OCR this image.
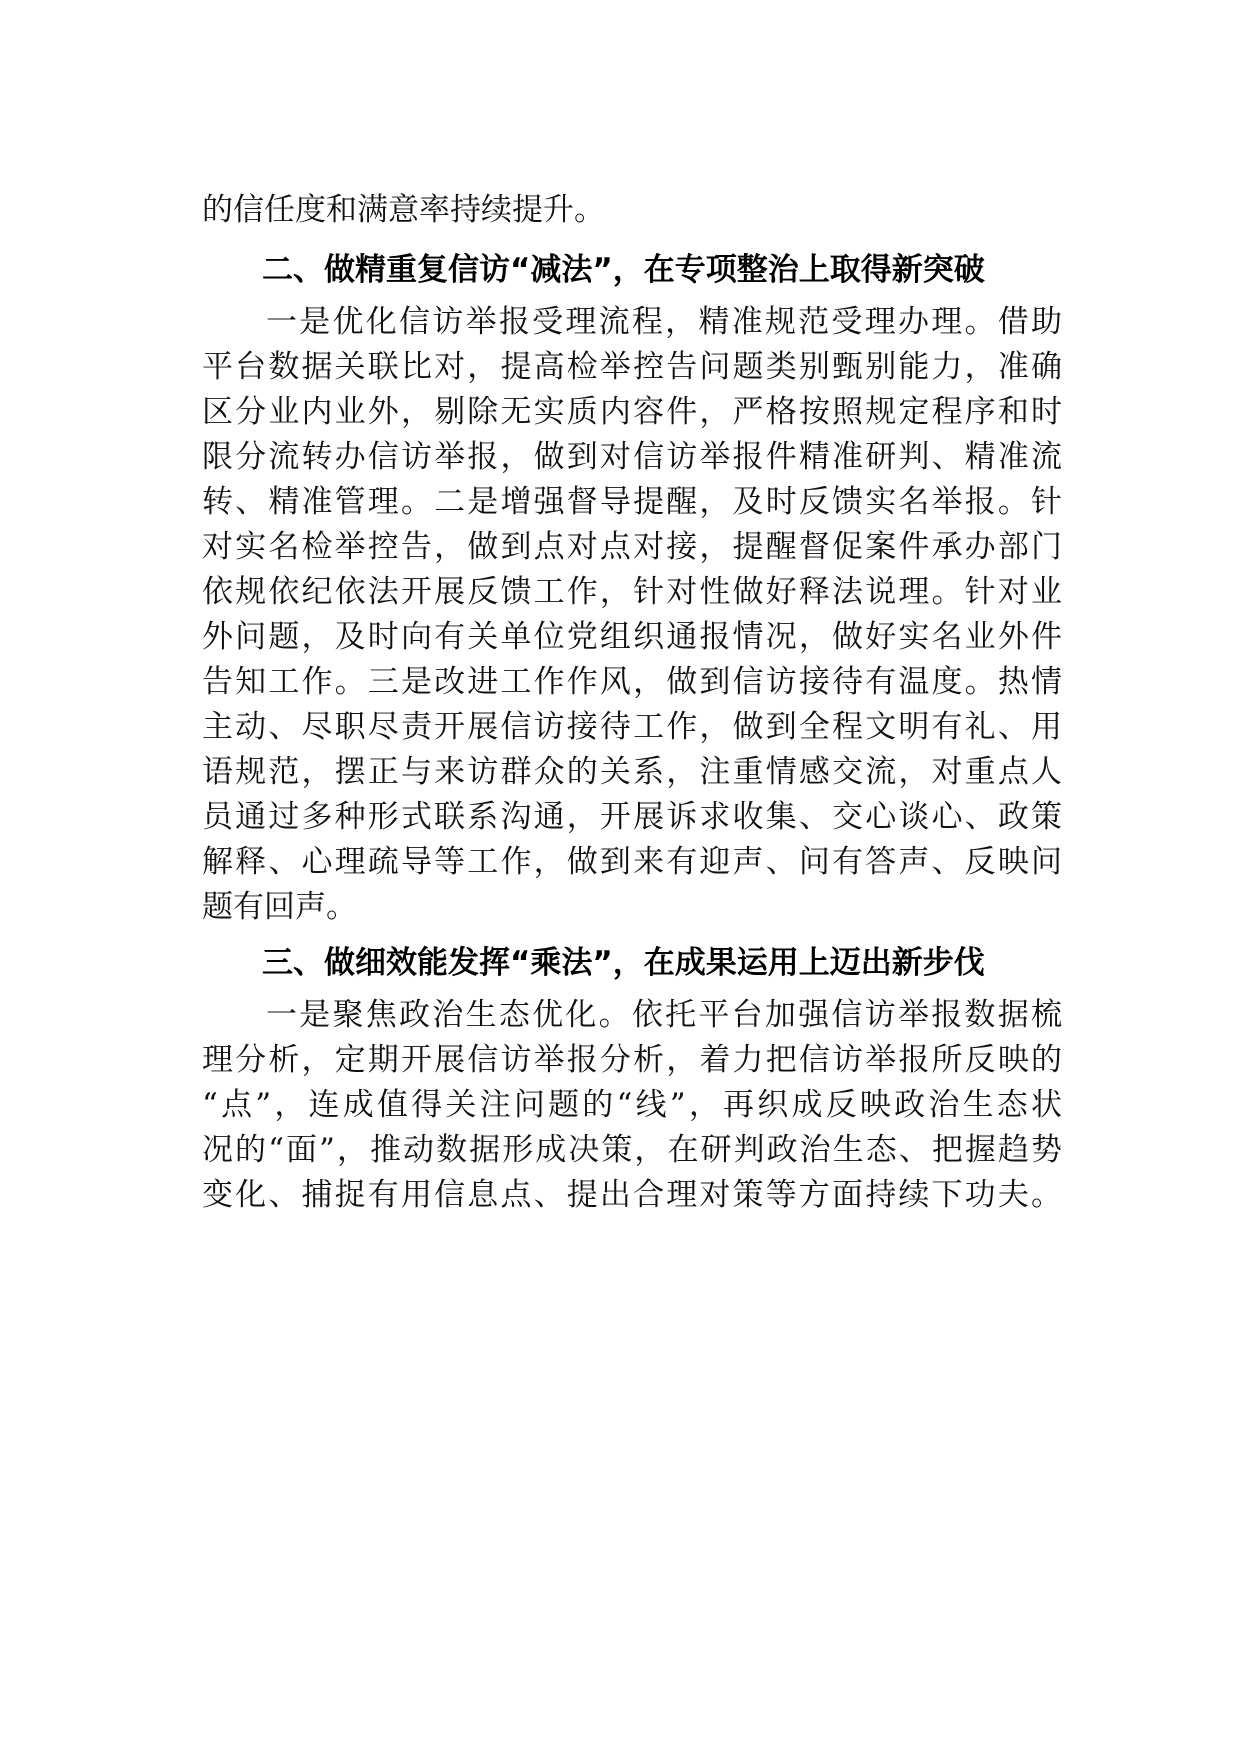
的信任度和满意率持续提升。
二、做精重复信访“减法”，在专项整治上取得新突破
一是优化信访举报受理流程，精准规范受理办理。借助
平台数据关联比对，提高检举控告问题类别甄别能力，准确
区分业内业外，剔除无实质内容件，严格按照规定程序和时
限分流转办信访举报，做到对信访举报件精准研判、精准流
转、精准管理。二是增强督导提醒，及时反馈实名举报。针
对实名检举控告，做到点对点对接，提醒督促案件承办部门
依规依纪依法开展反馈工作，针对性做好释法说理。针对业
外问题，及时向有关单位党组织通报情况，做好实名业外件
告知工作。三是改进工作作风，做到信访接待有温度。热情
主动、尽职尽责开展信访接待工作，做到全程文明有礼、用
语规范，摆正与来访群众的关系，注重情感交流，对重点人
员通过多种形式联系沟通，开展诉求收集、交心谈心、政策
解释、心理疏导等工作，做到来有迎声、问有答声、反映问
题有回声。
三、做细效能发挥“乘法”，在成果运用上迈出新步伐
一是聚焦政治生态优化。依托平台加强信访举报数据梳
理分析，定期开展信访举报分析，着力把信访举报所反映的
“点”，连成值得关注问题的“线”，再织成反映政治生态状
况的“面”，推动数据形成决策，在研判政治生态、把握趋势
变化、捕捉有用信息点、提出合理对策等方面持续下功夫。
